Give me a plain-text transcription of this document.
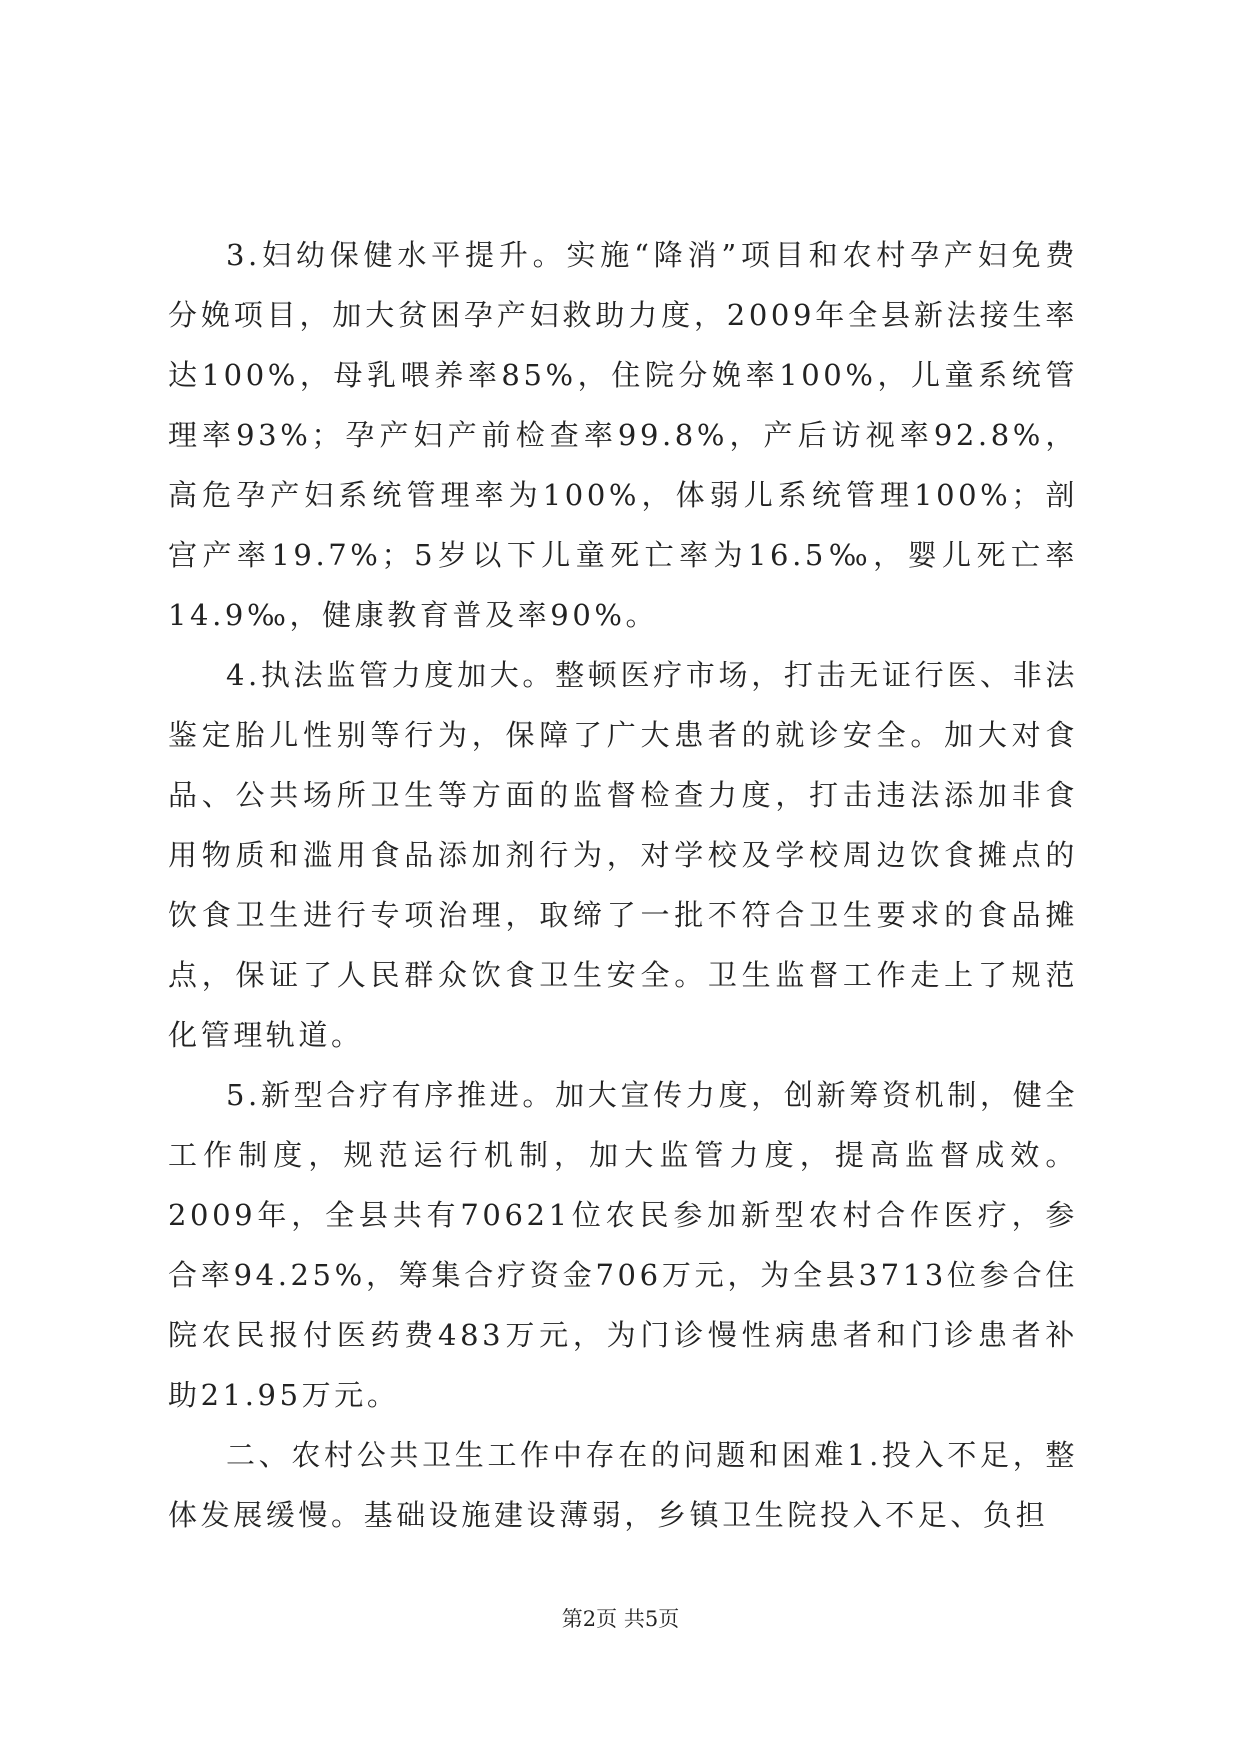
3.妇幼保健水平提升。实施“降消”项目和农村孕产妇免费分娩项目，加大贫困孕产妇救助力度，2009年全县新法接生率达100%，母乳喂养率85%，住院分娩率100%，儿童系统管理率93%；孕产妇产前检查率99.8%，产后访视率92.8%，高危孕产妇系统管理率为100%，体弱儿系统管理100%；剖宫产率19.7%；5岁以下儿童死亡率为16.5‰，婴儿死亡率14.9‰，健康教育普及率90%。

4.执法监管力度加大。整顿医疗市场，打击无证行医、非法鉴定胎儿性别等行为，保障了广大患者的就诊安全。加大对食品、公共场所卫生等方面的监督检查力度，打击违法添加非食用物质和滥用食品添加剂行为，对学校及学校周边饮食摊点的饮食卫生进行专项治理，取缔了一批不符合卫生要求的食品摊点，保证了人民群众饮食卫生安全。卫生监督工作走上了规范化管理轨道。

5.新型合疗有序推进。加大宣传力度，创新筹资机制，健全工作制度，规范运行机制，加大监管力度，提高监督成效。2009年，全县共有70621位农民参加新型农村合作医疗，参合率94.25%，筹集合疗资金706万元，为全县3713位参合住院农民报付医药费483万元，为门诊慢性病患者和门诊患者补助21.95万元。

二、农村公共卫生工作中存在的问题和困难1.投入不足，整体发展缓慢。基础设施建设薄弱，乡镇卫生院投入不足、负担

第2页 共5页
